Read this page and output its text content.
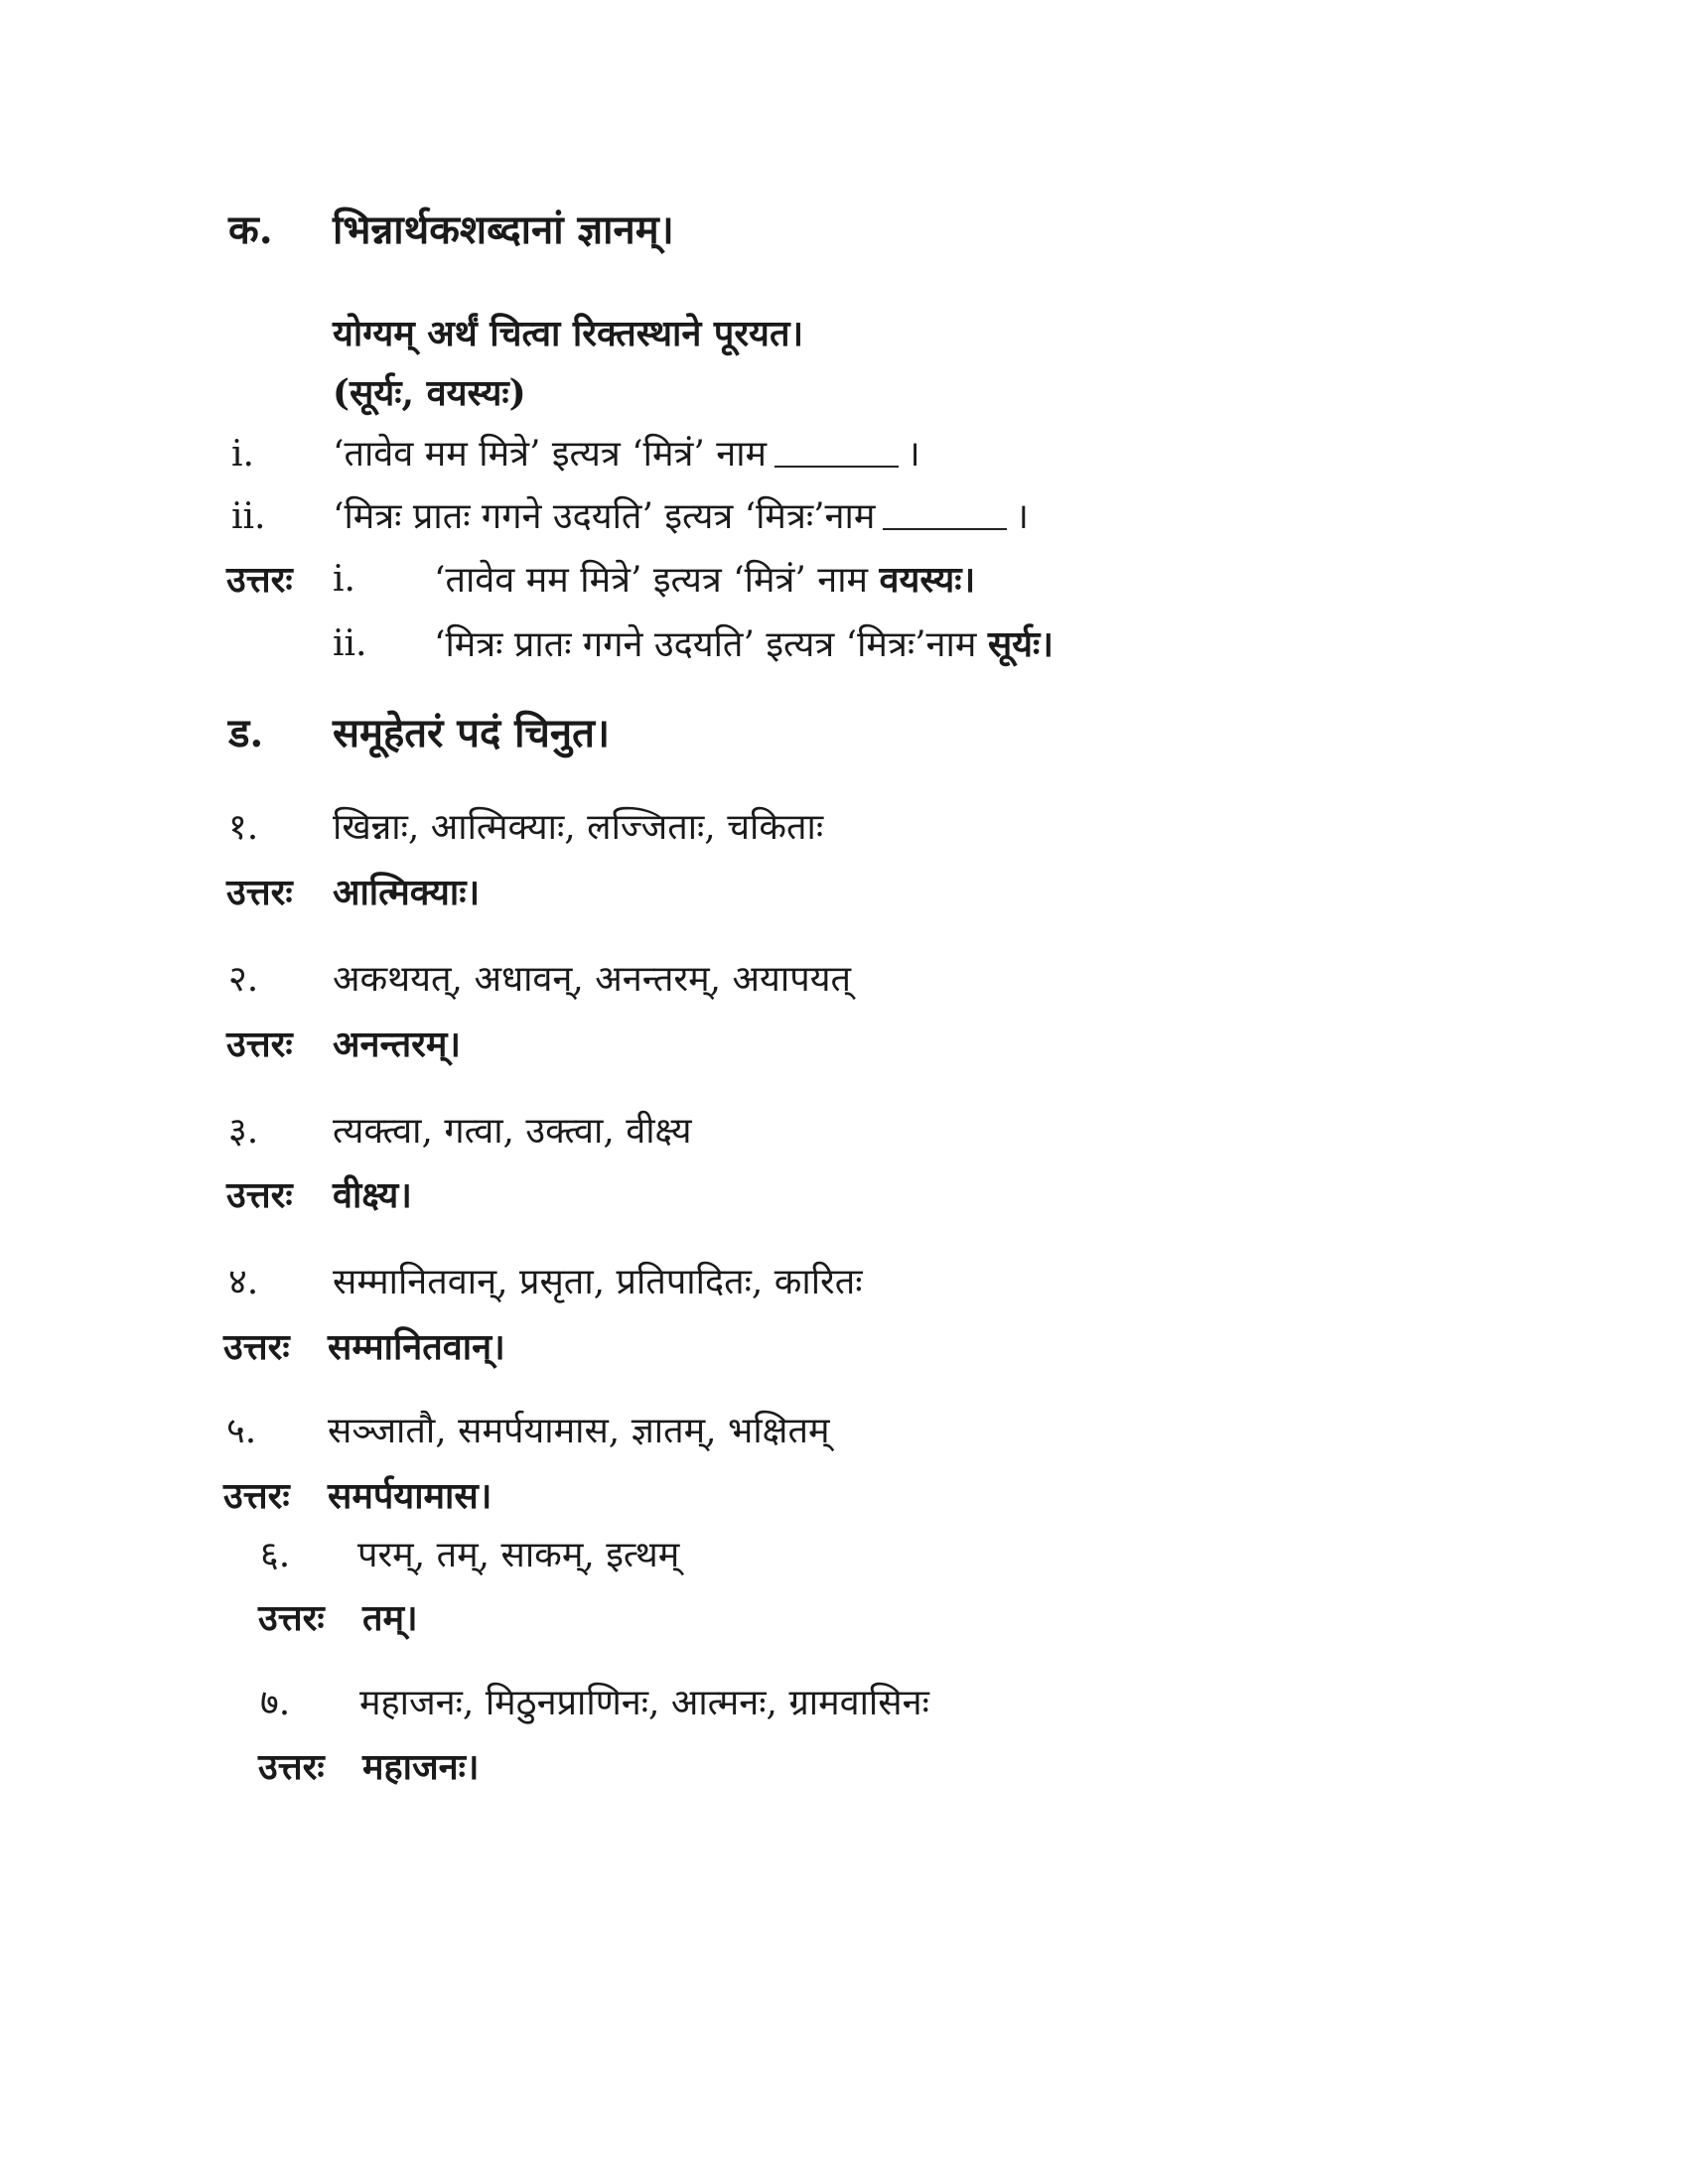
क. भिन्नार्थकशब्दानां ज्ञानम्।
योग्यम् अर्थं चित्वा रिक्तस्थाने पूरयत।
(सूर्यः, वयस्यः)
i. ‘तावेव मम मित्रे’ इत्यत्र ‘मित्रं’ नाम	।
ii. ‘मित्रः प्रातः गगने उदयति’ इत्यत्र ‘मित्रः’नाम	।
उत्तरः i. ‘तावेव मम मित्रे’ इत्यत्र ‘मित्रं’ नाम वयस्यः।
ii. ‘मित्रः प्रातः गगने उदयति’ इत्यत्र ‘मित्रः’नाम सूर्यः।
ड. समूहेतरं पदं चिनुत।
१. खिन्नाः, आत्मिक्याः, लज्जिताः, चकिताः
उत्तरः आत्मिक्याः।
२. अकथयत्, अधावन्, अनन्तरम्, अयापयत्
उत्तरः अनन्तरम्।
३. त्यक्त्वा, गत्वा, उक्त्वा, वीक्ष्य
उत्तरः वीक्ष्य।
४. सम्मानितवान्, प्रसृता, प्रतिपादितः, कारितः
उत्तरः सम्मानितवान्।
५. सञ्जातौ, समर्पयामास, ज्ञातम्, भक्षितम्
उत्तरः समर्पयामास।
६. परम्, तम्, साकम्, इत्थम्
उत्तरः तम्।
७. महाजनः, मिठुनप्राणिनः, आत्मनः, ग्रामवासिनः
उत्तरः महाजनः।
